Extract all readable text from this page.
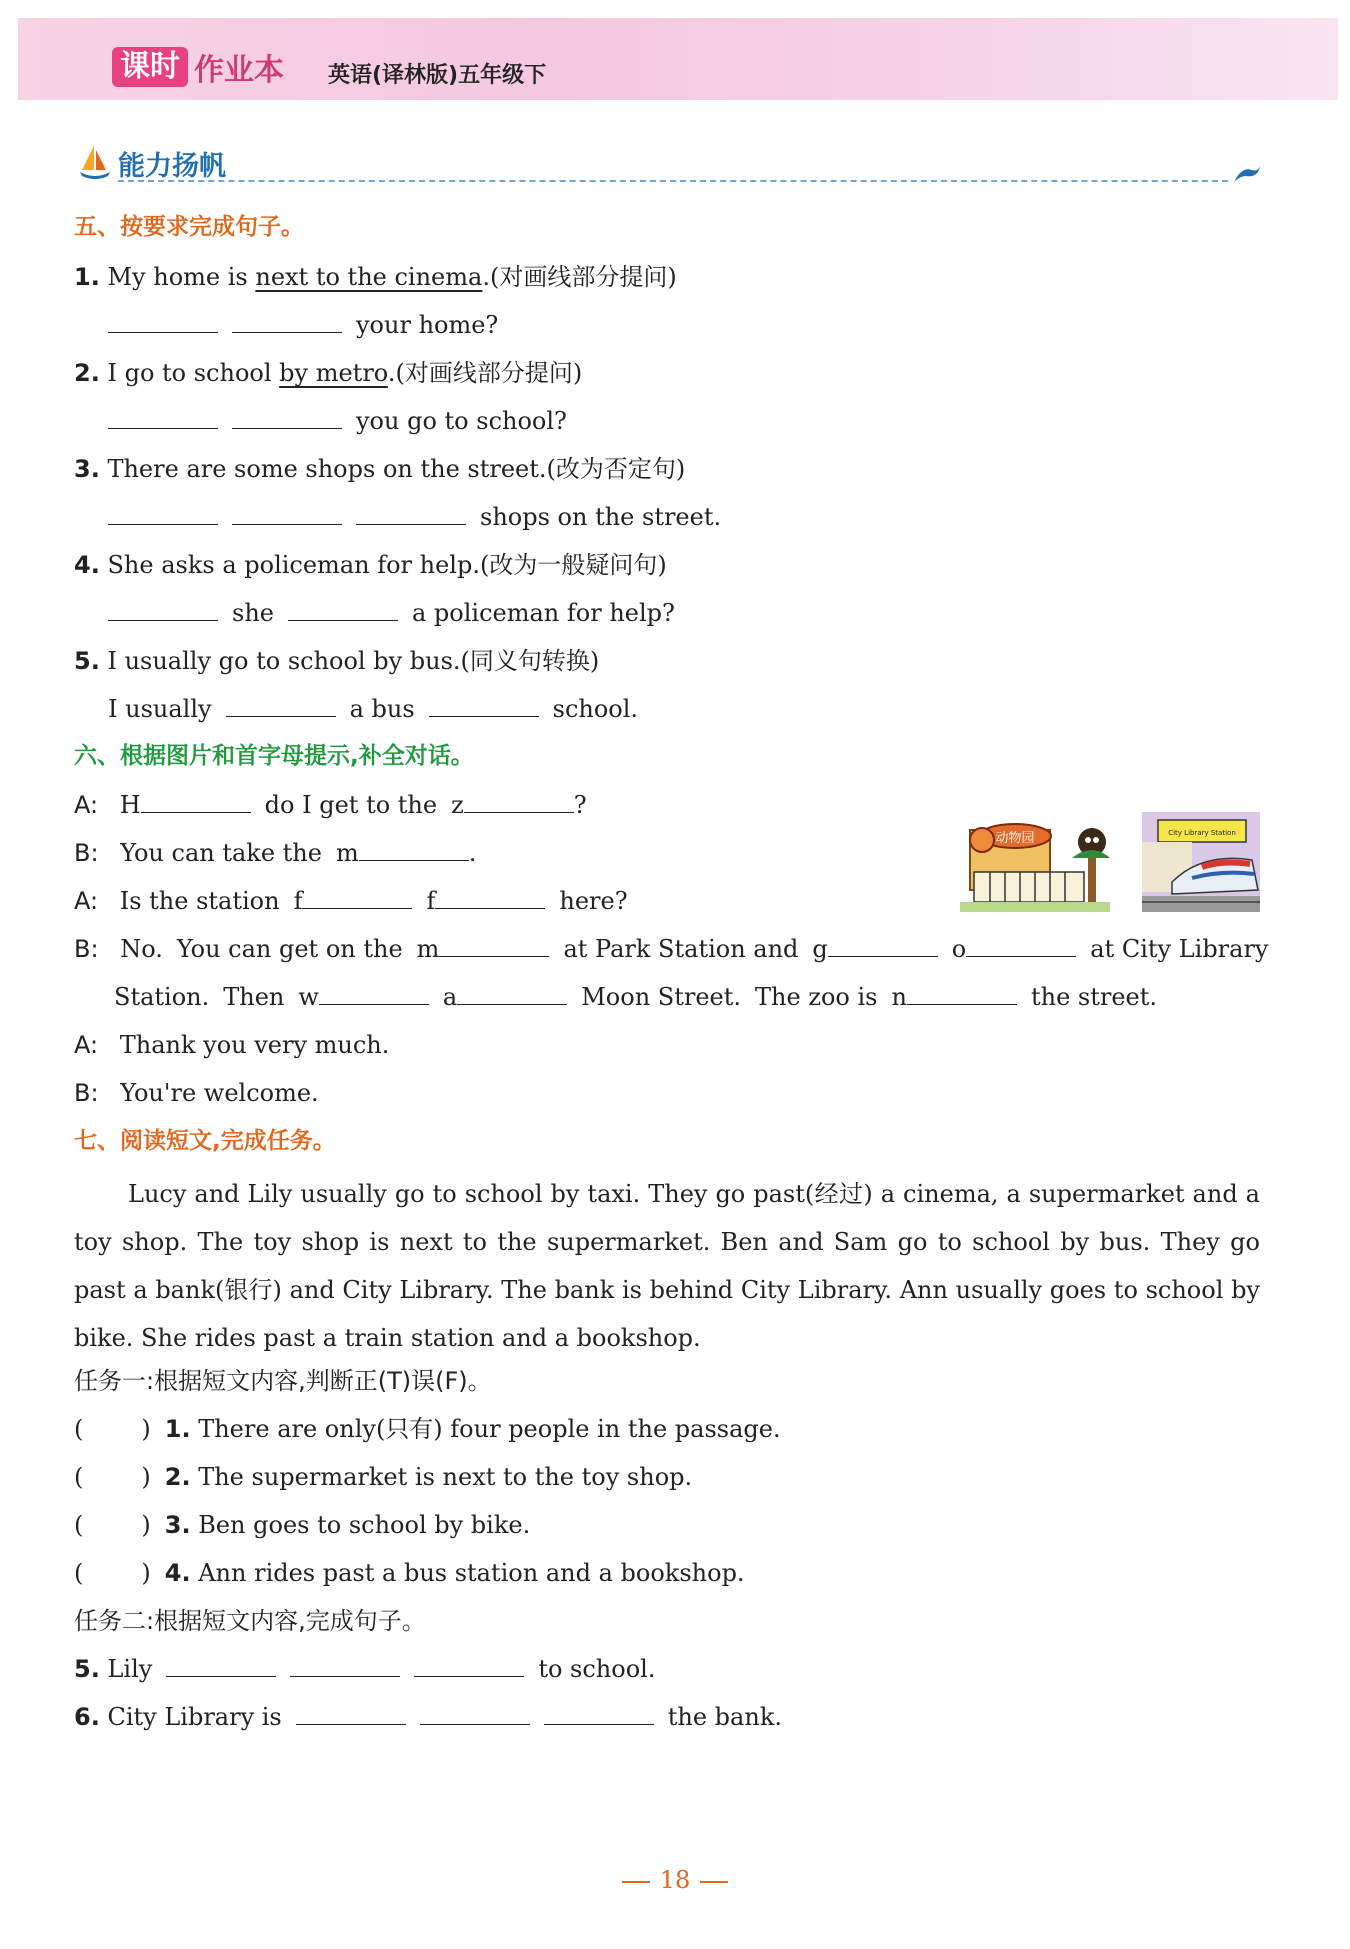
课时 作业本 英语(译林版)五年级下
能力扬帆
五、按要求完成句子。
1. My home is next to the cinema.(对画线部分提问)
your home?
2. I go to school by metro.(对画线部分提问)
you go to school?
3. There are some shops on the street.(改为否定句)
shops on the street.
4. She asks a policeman for help.(改为一般疑问句)
she	a policeman for help?
5. I usually go to school by bus.(同义句转换)
I usually	a bus	school.
六、根据图片和首字母提示,补全对话。
A: H	do I get to the z	?
B: You can take the m	.
A: Is the station f	f	here?
动物园	City Library Station
B: No. You can get on the m	at Park Station and g	o	at City Library
Station. Then w	a	Moon Street. The zoo is n	the street.
A: Thank you very much.
B: You're welcome.
七、阅读短文,完成任务。
Lucy and Lily usually go to school by taxi. They go past(经过) a cinema, a supermarket and a toy shop. The toy shop is next to the supermarket. Ben and Sam go to school by bus. They go past a bank(银行) and City Library. The bank is behind City Library. Ann usually goes to school by bike. She rides past a train station and a bookshop.
任务一:根据短文内容,判断正(T)误(F)。
( ) 1. There are only(只有) four people in the passage.
( ) 2. The supermarket is next to the toy shop.
( ) 3. Ben goes to school by bike.
( ) 4. Ann rides past a bus station and a bookshop.
任务二:根据短文内容,完成句子。
5. Lily	to school.
6. City Library is	the bank.
18
